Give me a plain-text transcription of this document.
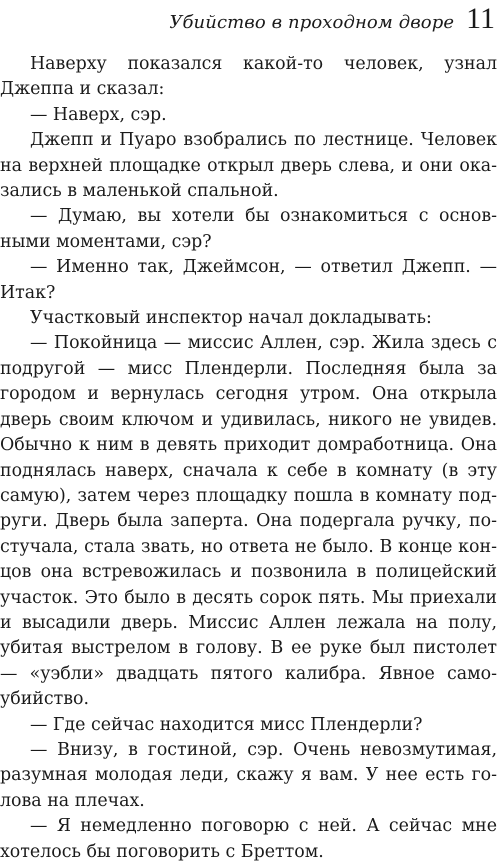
Убийство в проходном дворе 11

Наверху показался какой-то человек, узнал Джеппа и сказал:

— Наверх, сэр.

Джепп и Пуаро взобрались по лестнице. Человек на верхней площадке открыл дверь слева, и они оказались в маленькой спальной.

— Думаю, вы хотели бы ознакомиться с основными моментами, сэр?

— Именно так, Джеймсон, — ответил Джепп. — Итак?

Участковый инспектор начал докладывать:

— Покойница — миссис Аллен, сэр. Жила здесь с подругой — мисс Плендерли. Последняя была за городом и вернулась сегодня утром. Она открыла дверь своим ключом и удивилась, никого не увидев. Обычно к ним в девять приходит домработница. Она поднялась наверх, сначала к себе в комнату (в эту самую), затем через площадку пошла в комнату подруги. Дверь была заперта. Она подергала ручку, постучала, стала звать, но ответа не было. В конце концов она встревожилась и позвонила в полицейский участок. Это было в десять сорок пять. Мы приехали и высадили дверь. Миссис Аллен лежала на полу, убитая выстрелом в голову. В ее руке был пистолет — «уэбли» двадцать пятого калибра. Явное самоубийство.

— Где сейчас находится мисс Плендерли?

— Внизу, в гостиной, сэр. Очень невозмутимая, разумная молодая леди, скажу я вам. У нее есть голова на плечах.

— Я немедленно поговорю с ней. А сейчас мне хотелось бы поговорить с Бреттом.
